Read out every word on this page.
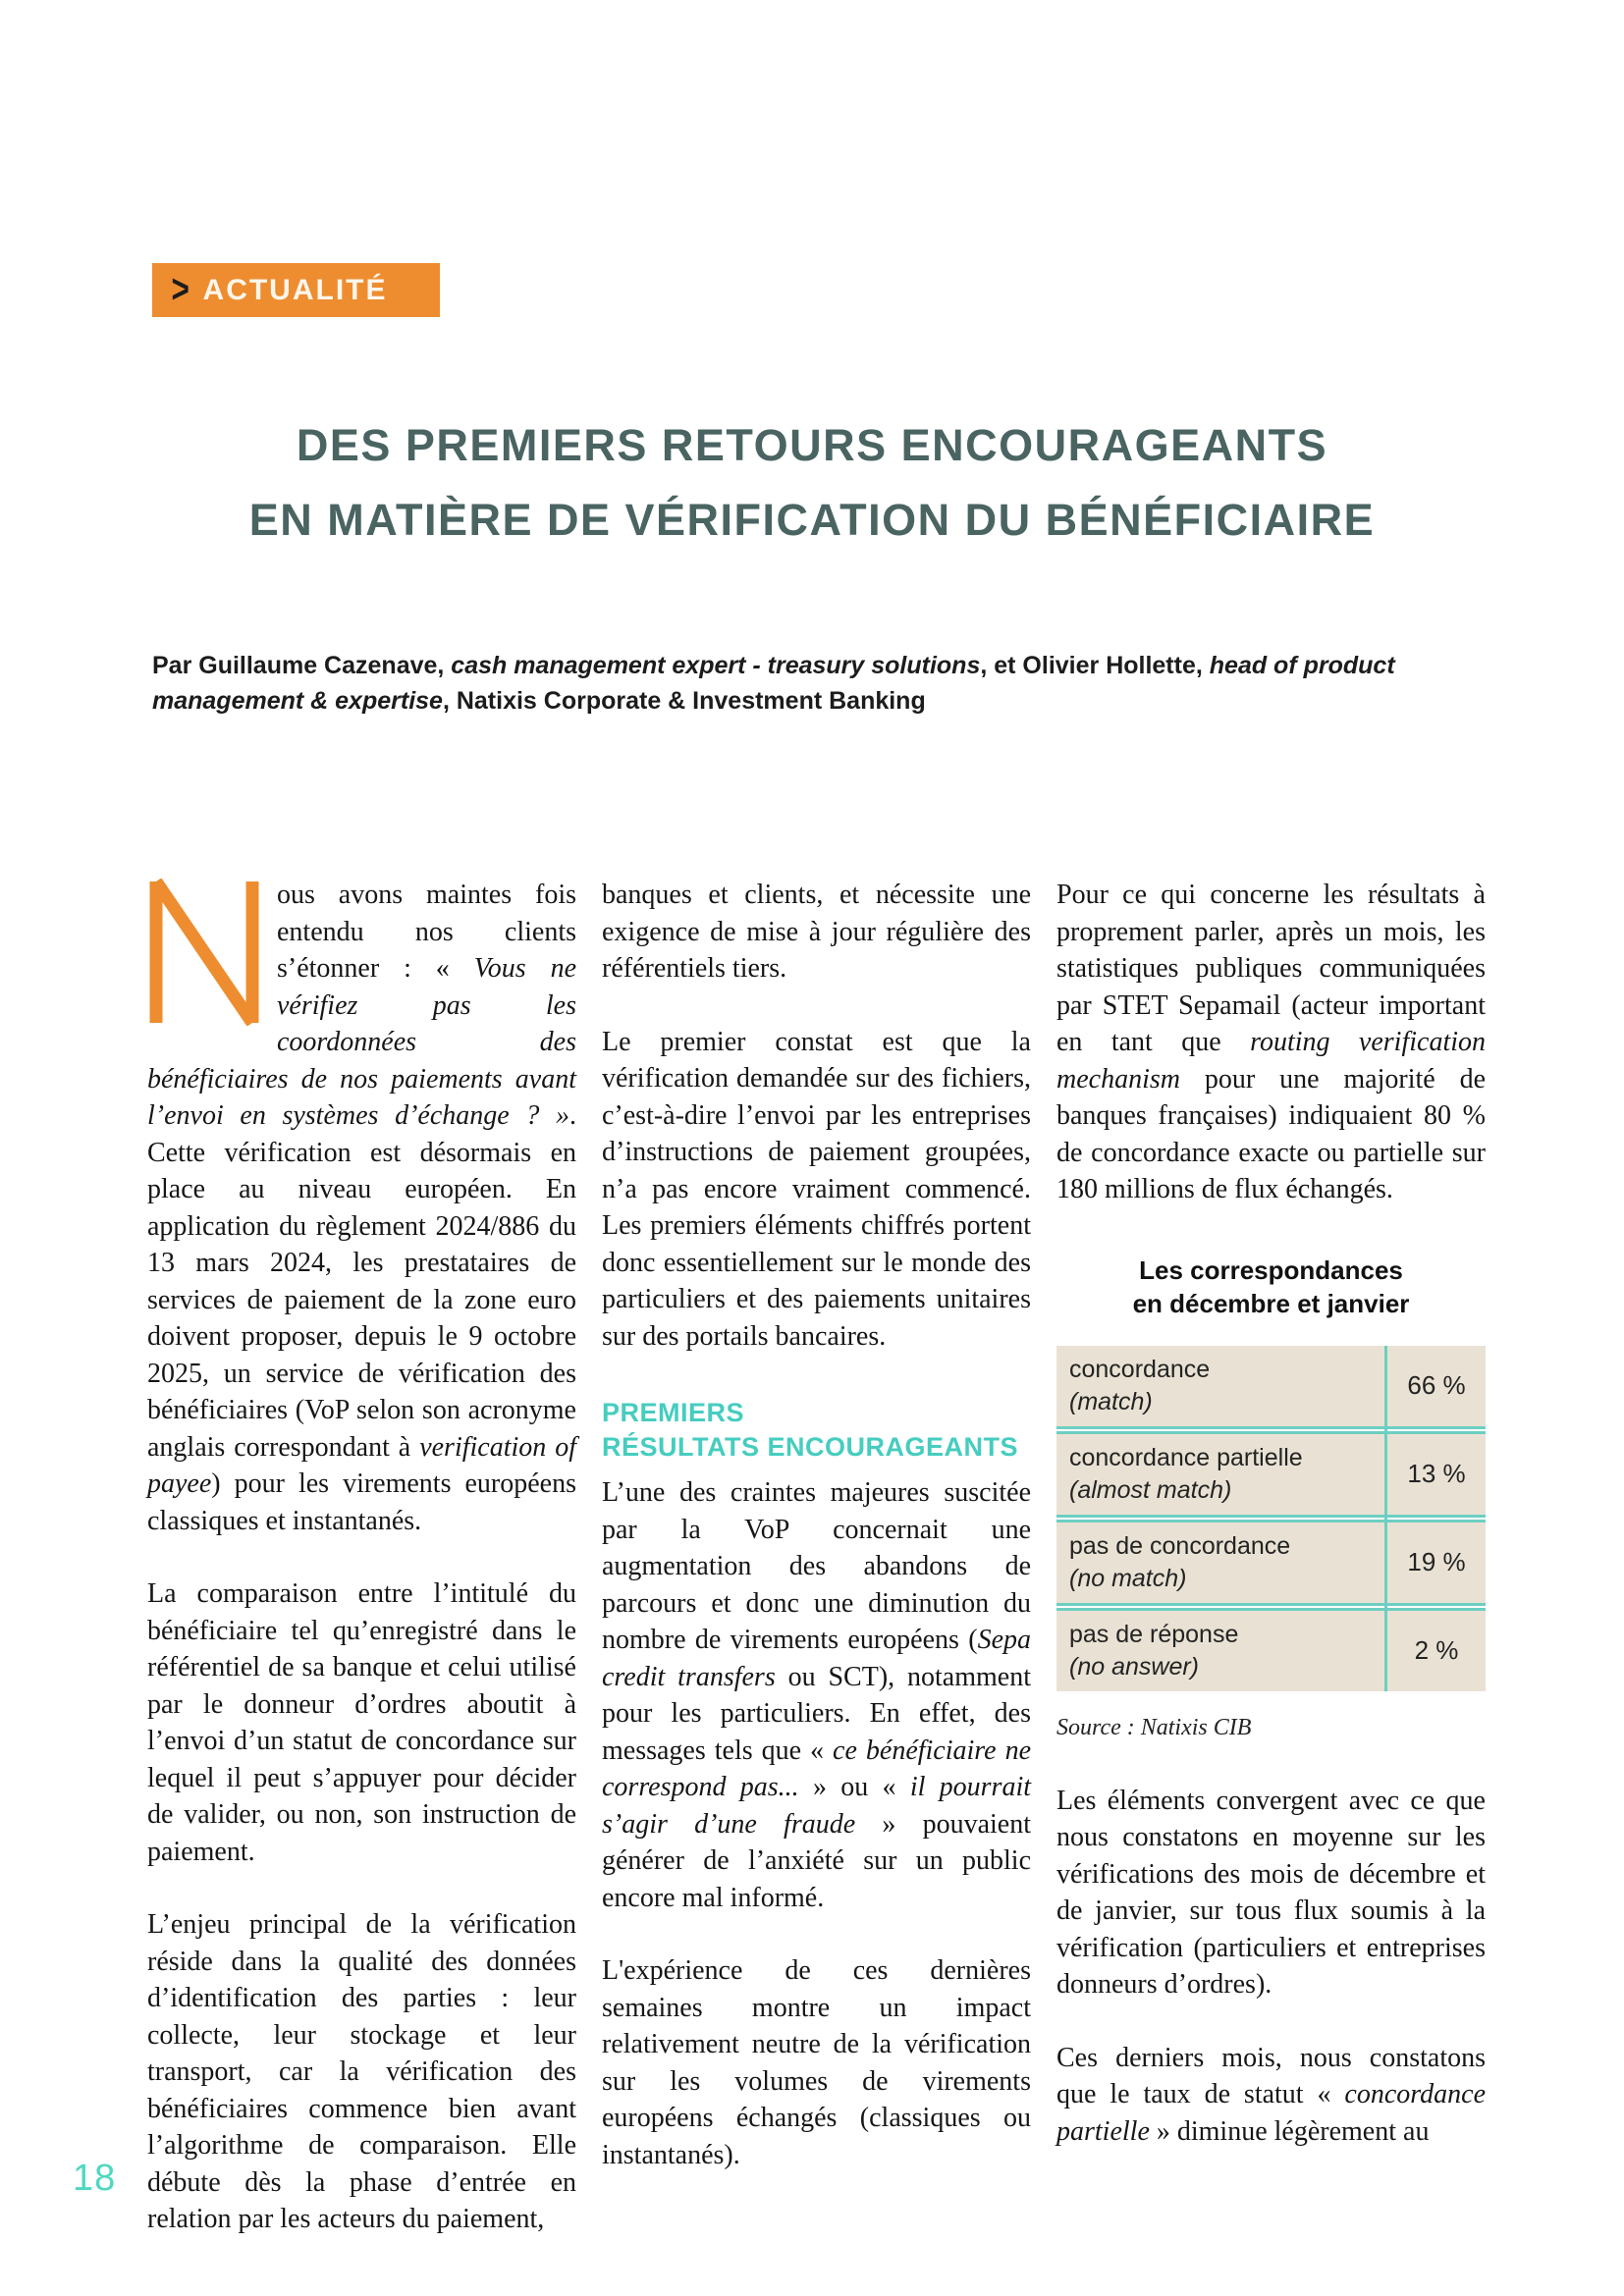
> ACTUALITÉ
DES PREMIERS RETOURS ENCOURAGEANTS
EN MATIÈRE DE VÉRIFICATION DU BÉNÉFICIAIRE

Par Guillaume Cazenave, cash management expert - treasury solutions, et Olivier Hollette, head of product management & expertise, Natixis Corporate & Investment Banking

ous avons maintes fois entendu nos clients s’étonner : « Vous ne vérifiez pas les coordonnées des bénéficiaires de nos paiements avant l’envoi en systèmes d’échange ? ». Cette vérification est désormais en place au niveau européen. En application du règlement 2024/886 du 13 mars 2024, les prestataires de services de paiement de la zone euro doivent proposer, depuis le 9 octobre 2025, un service de vérification des bénéficiaires (VoP selon son acronyme anglais correspondant à verification of payee) pour les virements européens classiques et instantanés.

La comparaison entre l’intitulé du bénéficiaire tel qu’enregistré dans le référentiel de sa banque et celui utilisé par le donneur d’ordres aboutit à l’envoi d’un statut de concordance sur lequel il peut s’appuyer pour décider de valider, ou non, son instruction de paiement.

L’enjeu principal de la vérification réside dans la qualité des données d’identification des parties : leur collecte, leur stockage et leur transport, car la vérification des bénéficiaires commence bien avant l’algorithme de comparaison. Elle débute dès la phase d’entrée en relation par les acteurs du paiement,

banques et clients, et nécessite une exigence de mise à jour régulière des référentiels tiers.

Le premier constat est que la vérification demandée sur des fichiers, c’est-à-dire l’envoi par les entreprises d’instructions de paiement groupées, n’a pas encore vraiment commencé. Les premiers éléments chiffrés portent donc essentiellement sur le monde des particuliers et des paiements unitaires sur des portails bancaires.

PREMIERS
RÉSULTATS ENCOURAGEANTS

L’une des craintes majeures suscitée par la VoP concernait une augmentation des abandons de parcours et donc une diminution du nombre de virements européens (Sepa credit transfers ou SCT), notamment pour les particuliers. En effet, des messages tels que « ce bénéficiaire ne correspond pas... » ou « il pourrait s’agir d’une fraude » pouvaient générer de l’anxiété sur un public encore mal informé.

L'expérience de ces dernières semaines montre un impact relativement neutre de la vérification sur les volumes de virements européens échangés (classiques ou instantanés).

Pour ce qui concerne les résultats à proprement parler, après un mois, les statistiques publiques communiquées par STET Sepamail (acteur important en tant que routing verification mechanism pour une majorité de banques françaises) indiquaient 80 % de concordance exacte ou partielle sur 180 millions de flux échangés.

Les correspondances
en décembre et janvier
concordance
(match)
66 %
concordance partielle
(almost match)
13 %
pas de concordance
(no match)
19 %
pas de réponse
(no answer)
2 %

Source : Natixis CIB

Les éléments convergent avec ce que nous constatons en moyenne sur les vérifications des mois de décembre et de janvier, sur tous flux soumis à la vérification (particuliers et entreprises donneurs d’ordres).

Ces derniers mois, nous constatons que le taux de statut « concordance partielle » diminue légèrement au

18
